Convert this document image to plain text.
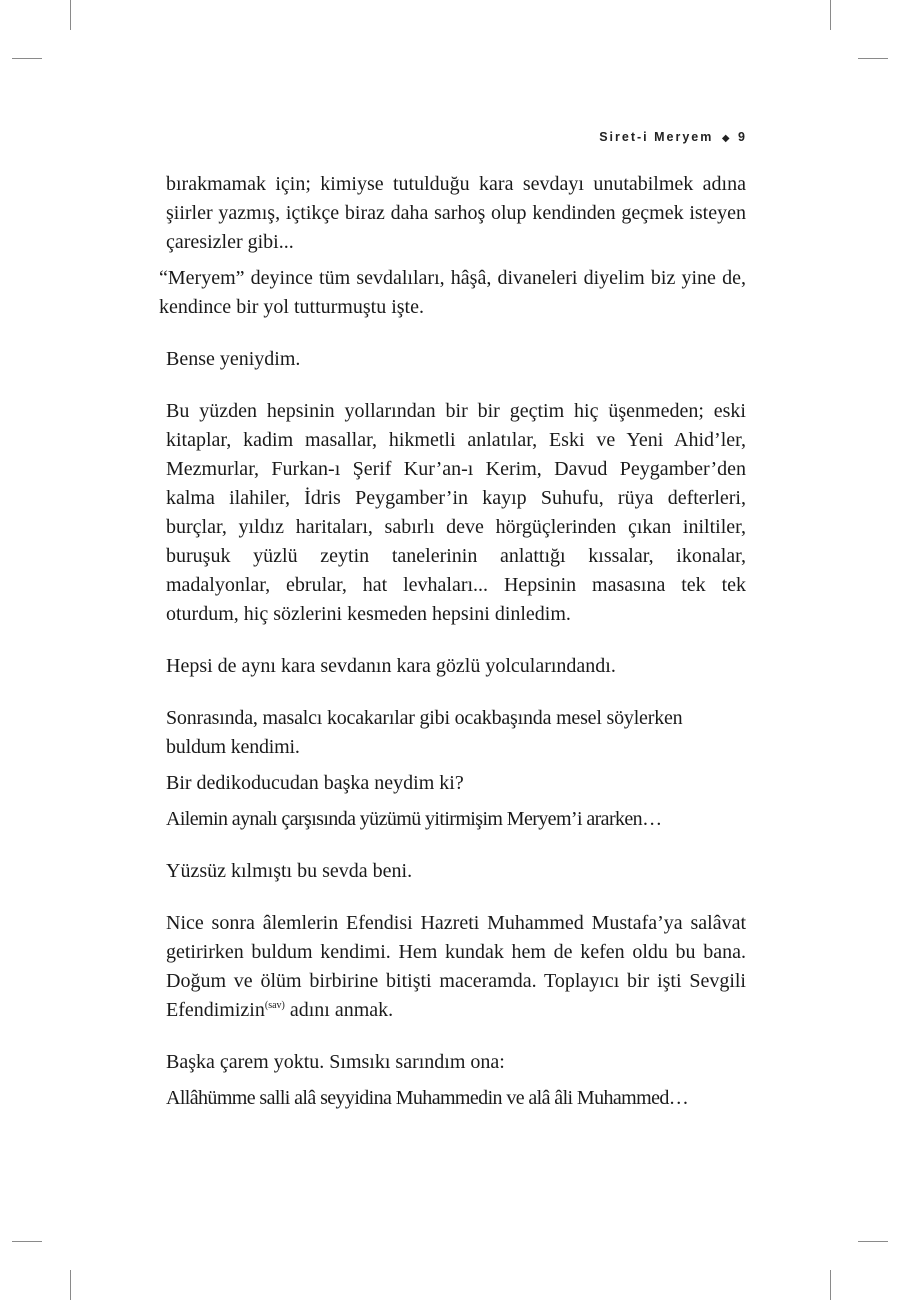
Siret-i Meryem ◆ 9

bırakmamak için; kimiyse tutulduğu kara sevdayı unutabilmek adına şiirler yazmış, içtikçe biraz daha sarhoş olup kendinden geçmek isteyen çaresizler gibi...

“Meryem” deyince tüm sevdalıları, hâşâ, divaneleri diyelim biz yine de, kendince bir yol tutturmuştu işte.

Bense yeniydim.

Bu yüzden hepsinin yollarından bir bir geçtim hiç üşenmeden; eski kitaplar, kadim masallar, hikmetli anlatılar, Eski ve Yeni Ahid’ler, Mezmurlar, Furkan-ı Şerif Kur’an-ı Kerim, Davud Peygamber’den kalma ilahiler, İdris Peygamber’in kayıp Suhufu, rüya defterleri, burçlar, yıldız haritaları, sabırlı deve hörgüçlerinden çıkan iniltiler, buruşuk yüzlü zeytin tanelerinin anlattığı kıssalar, ikonalar, madalyonlar, ebrular, hat levhaları... Hepsinin masasına tek tek oturdum, hiç sözlerini kesmeden hepsini dinledim.

Hepsi de aynı kara sevdanın kara gözlü yolcularındandı.

Sonrasında, masalcı kocakarılar gibi ocakbaşında mesel söylerken buldum kendimi.

Bir dedikoducudan başka neydim ki?

Ailemin aynalı çarşısında yüzümü yitirmişim Meryem’i ararken…

Yüzsüz kılmıştı bu sevda beni.

Nice sonra âlemlerin Efendisi Hazreti Muhammed Mustafa’ya salâvat getirirken buldum kendimi. Hem kundak hem de kefen oldu bu bana. Doğum ve ölüm birbirine bitişti maceramda. Toplayıcı bir işti Sevgili Efendimizin$^{(sav)}$ adını anmak.

Başka çarem yoktu. Sımsıkı sarındım ona:

Allâhümme salli alâ seyyidina Muhammedin ve alâ âli Muhammed…
